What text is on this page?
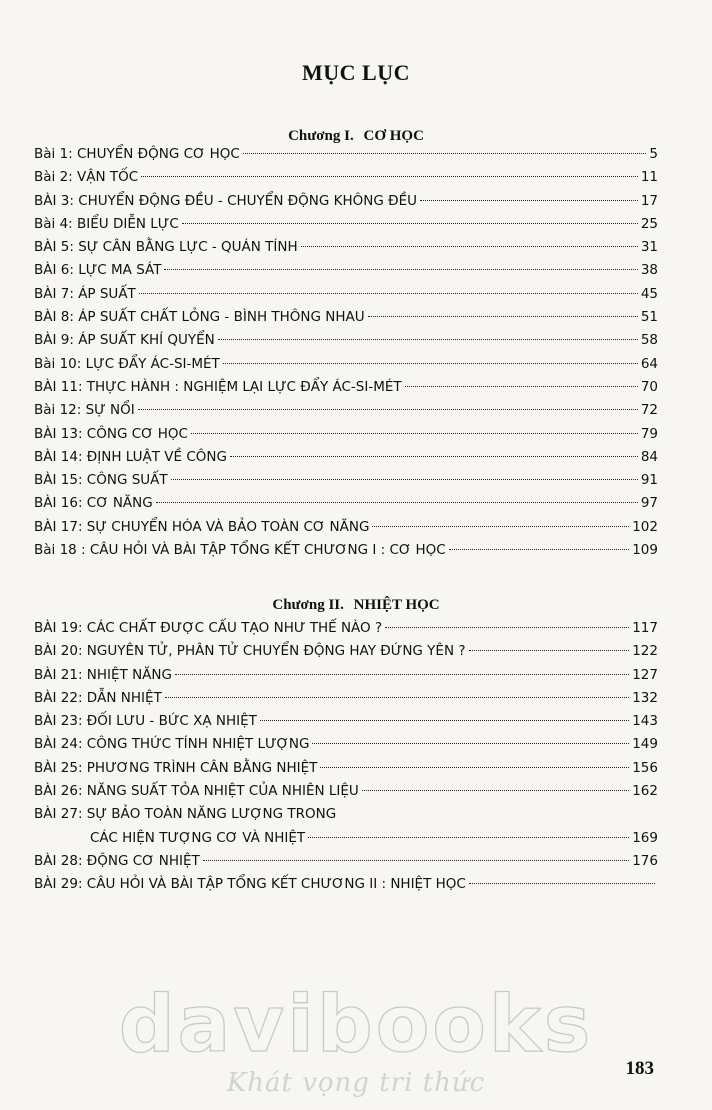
MỤC LỤC
Chương I. CƠ HỌC
Bài 1: CHUYỂN ĐỘNG CƠ HỌC	5
Bài 2: VẬN TỐC	11
BÀI 3: CHUYỂN ĐỘNG ĐỀU - CHUYỂN ĐỘNG KHÔNG ĐỀU	17
Bài 4: BIỂU DIỄN LỰC	25
BÀI 5: SỰ CÂN BẰNG LỰC - QUÁN TÍNH	31
BÀI 6: LỰC MA SÁT	38
BÀI 7: ÁP SUẤT	45
BÀI 8: ÁP SUẤT CHẤT LỎNG - BÌNH THÔNG NHAU	51
BÀI 9: ÁP SUẤT KHÍ QUYỂN	58
Bài 10: LỰC ĐẨY ÁC-SI-MÉT	64
BÀI 11: THỰC HÀNH : NGHIỆM LẠI LỰC ĐẨY ÁC-SI-MÉT	70
Bài 12: SỰ NỔI	72
BÀI 13: CÔNG CƠ HỌC	79
BÀI 14: ĐỊNH LUẬT VỀ CÔNG	84
BÀI 15: CÔNG SUẤT	91
BÀI 16: CƠ NĂNG	97
BÀI 17: SỰ CHUYỂN HÓA VÀ BẢO TOÀN CƠ NĂNG	102
Bài 18 : CÂU HỎI VÀ BÀI TẬP TỔNG KẾT CHƯƠNG I : CƠ HỌC	109
Chương II. NHIỆT HỌC
BÀI 19: CÁC CHẤT ĐƯỢC CẤU TẠO NHƯ THẾ NÀO ?	117
BÀI 20: NGUYÊN TỬ, PHÂN TỬ CHUYỂN ĐỘNG HAY ĐỨNG YÊN ?	122
BÀI 21: NHIỆT NĂNG	127
BÀI 22: DẪN NHIỆT	132
BÀI 23: ĐỐI LƯU - BỨC XẠ NHIỆT	143
BÀI 24: CÔNG THỨC TÍNH NHIỆT LƯỢNG	149
BÀI 25: PHƯƠNG TRÌNH CÂN BẰNG NHIỆT	156
BÀI 26: NĂNG SUẤT TỎA NHIỆT CỦA NHIÊN LIỆU	162
BÀI 27: SỰ BẢO TOÀN NĂNG LƯỢNG TRONG
CÁC HIỆN TƯỢNG CƠ VÀ NHIỆT	169
BÀI 28: ĐỘNG CƠ NHIỆT	176
BÀI 29: CÂU HỎI VÀ BÀI TẬP TỔNG KẾT CHƯƠNG II : NHIỆT HỌC
davibooks
Khát vọng tri thức	183
